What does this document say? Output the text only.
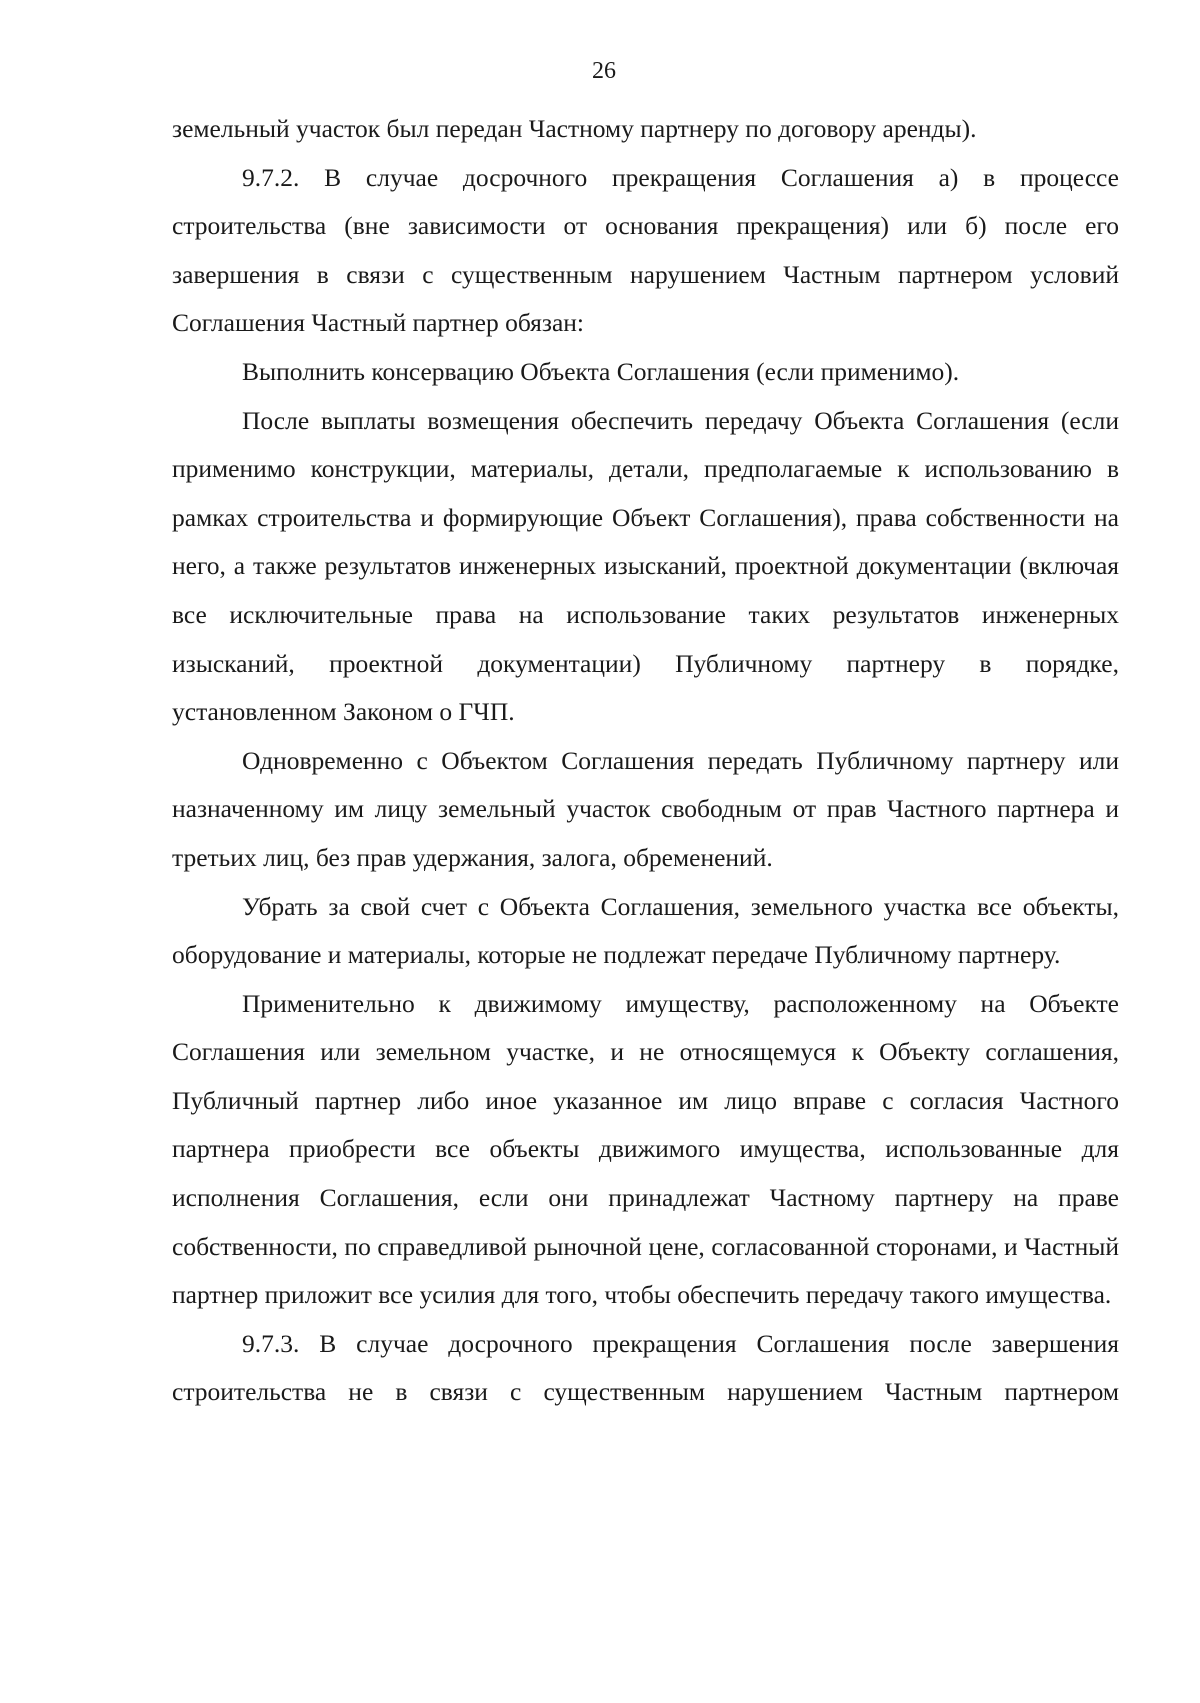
26

земельный участок был передан Частному партнеру по договору аренды).

9.7.2. В случае досрочного прекращения Соглашения а) в процессе строительства (вне зависимости от основания прекращения) или б) после его завершения в связи с существенным нарушением Частным партнером условий Соглашения Частный партнер обязан:

Выполнить консервацию Объекта Соглашения (если применимо).

После выплаты возмещения обеспечить передачу Объекта Соглашения (если применимо конструкции, материалы, детали, предполагаемые к использованию в рамках строительства и формирующие Объект Соглашения), права собственности на него, а также результатов инженерных изысканий, проектной документации (включая все исключительные права на использование таких результатов инженерных изысканий, проектной документации) Публичному партнеру в порядке, установленном Законом о ГЧП.

Одновременно с Объектом Соглашения передать Публичному партнеру или назначенному им лицу земельный участок свободным от прав Частного партнера и третьих лиц, без прав удержания, залога, обременений.

Убрать за свой счет с Объекта Соглашения, земельного участка все объекты, оборудование и материалы, которые не подлежат передаче Публичному партнеру.

Применительно к движимому имуществу, расположенному на Объекте Соглашения или земельном участке, и не относящемуся к Объекту соглашения, Публичный партнер либо иное указанное им лицо вправе с согласия Частного партнера приобрести все объекты движимого имущества, использованные для исполнения Соглашения, если они принадлежат Частному партнеру на праве собственности, по справедливой рыночной цене, согласованной сторонами, и Частный партнер приложит все усилия для того, чтобы обеспечить передачу такого имущества.

9.7.3. В случае досрочного прекращения Соглашения после завершения строительства не в связи с существенным нарушением Частным партнером
